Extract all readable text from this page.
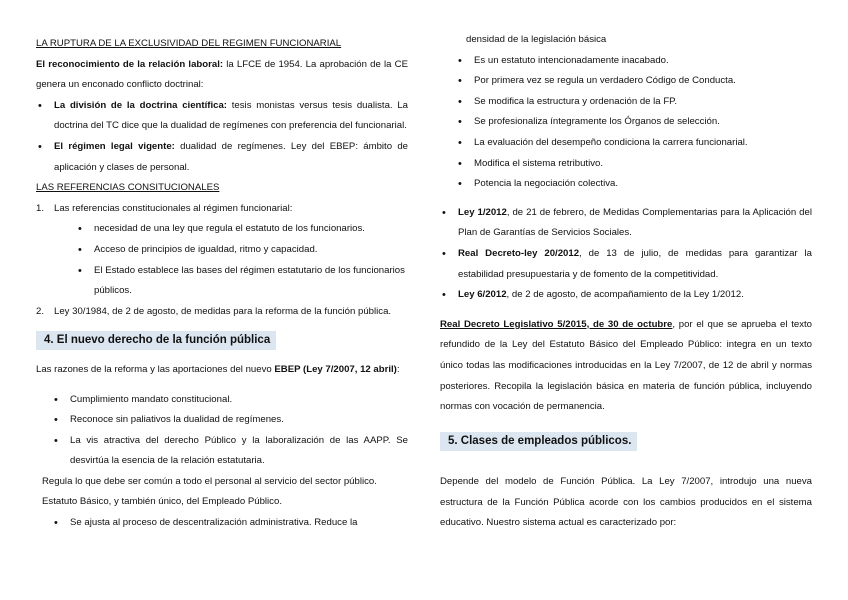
LA RUPTURA DE LA EXCLUSIVIDAD DEL REGIMEN FUNCIONARIAL

El reconocimiento de la relación laboral: la LFCE de 1954. La aprobación de la CE genera un enconado conflicto doctrinal:

• La división de la doctrina científica: tesis monistas versus tesis dualista. La doctrina del TC dice que la dualidad de regímenes con preferencia del funcionarial.

• El régimen legal vigente: dualidad de regímenes. Ley del EBEP: ámbito de aplicación y clases de personal.

LAS REFERENCIAS CONSITUCIONALES

1. Las referencias constitucionales al régimen funcionarial:

• necesidad de una ley que regula el estatuto de los funcionarios.

• Acceso de principios de igualdad, ritmo y capacidad.

• El Estado establece las bases del régimen estatutario de los funcionarios públicos.

2. Ley 30/1984, de 2 de agosto, de medidas para la reforma de la función pública.

4. El nuevo derecho de la función pública

Las razones de la reforma y las aportaciones del nuevo EBEP (Ley 7/2007, 12 abril):

• Cumplimiento mandato constitucional.

• Reconoce sin paliativos la dualidad de regímenes.

• La vis atractiva del derecho Público y la laboralización de las AAPP. Se desvirtúa la esencia de la relación estatutaria.

Regula lo que debe ser común a todo el personal al servicio del sector público. Estatuto Básico, y también único, del Empleado Público.

• Se ajusta al proceso de descentralización administrativa. Reduce la

densidad de la legislación básica

• Es un estatuto intencionadamente inacabado.

• Por primera vez se regula un verdadero Código de Conducta.

• Se modifica la estructura y ordenación de la FP.

• Se profesionaliza íntegramente los Órganos de selección.

• La evaluación del desempeño condiciona la carrera funcionarial.

• Modifica el sistema retributivo.

• Potencia la negociación colectiva.

• Ley 1/2012, de 21 de febrero, de Medidas Complementarias para la Aplicación del Plan de Garantías de Servicios Sociales.

• Real Decreto-ley 20/2012, de 13 de julio, de medidas para garantizar la estabilidad presupuestaria y de fomento de la competitividad.

• Ley 6/2012, de 2 de agosto, de acompañamiento de la Ley 1/2012.

Real Decreto Legislativo 5/2015, de 30 de octubre, por el que se aprueba el texto refundido de la Ley del Estatuto Básico del Empleado Público: integra en un texto único todas las modificaciones introducidas en la Ley 7/2007, de 12 de abril y normas posteriores. Recopila la legislación básica en materia de función pública, incluyendo normas con vocación de permanencia.

5. Clases de empleados públicos.

Depende del modelo de Función Pública. La Ley 7/2007, introdujo una nueva estructura de la Función Pública acorde con los cambios producidos en el sistema educativo. Nuestro sistema actual es caracterizado por:
